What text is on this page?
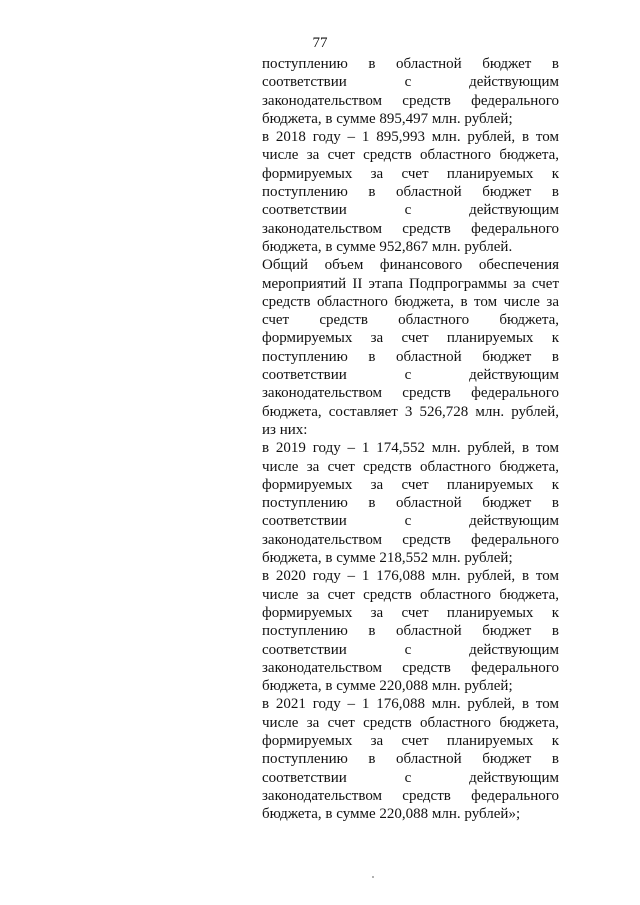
77

поступлению в областной бюджет в
соответствии с действующим
законодательством средств федерального
бюджета, в сумме 895,497 млн. рублей;

в 2018 году – 1 895,993 млн. рублей, в том
числе за счет средств областного бюджета,
формируемых за счет планируемых к
поступлению в областной бюджет в
соответствии с действующим
законодательством средств федерального
бюджета, в сумме 952,867 млн. рублей.

Общий объем финансового обеспечения
мероприятий II этапа Подпрограммы за счет
средств областного бюджета, в том числе за
счет средств областного бюджета,
формируемых за счет планируемых к
поступлению в областной бюджет в
соответствии с действующим
законодательством средств федерального
бюджета, составляет 3 526,728 млн. рублей,
из них:

в 2019 году – 1 174,552 млн. рублей, в том
числе за счет средств областного бюджета,
формируемых за счет планируемых к
поступлению в областной бюджет в
соответствии с действующим
законодательством средств федерального
бюджета, в сумме 218,552 млн. рублей;

в 2020 году – 1 176,088 млн. рублей, в том
числе за счет средств областного бюджета,
формируемых за счет планируемых к
поступлению в областной бюджет в
соответствии с действующим
законодательством средств федерального
бюджета, в сумме 220,088 млн. рублей;

в 2021 году – 1 176,088 млн. рублей, в том
числе за счет средств областного бюджета,
формируемых за счет планируемых к
поступлению в областной бюджет в
соответствии с действующим
законодательством средств федерального
бюджета, в сумме 220,088 млн. рублей»;
